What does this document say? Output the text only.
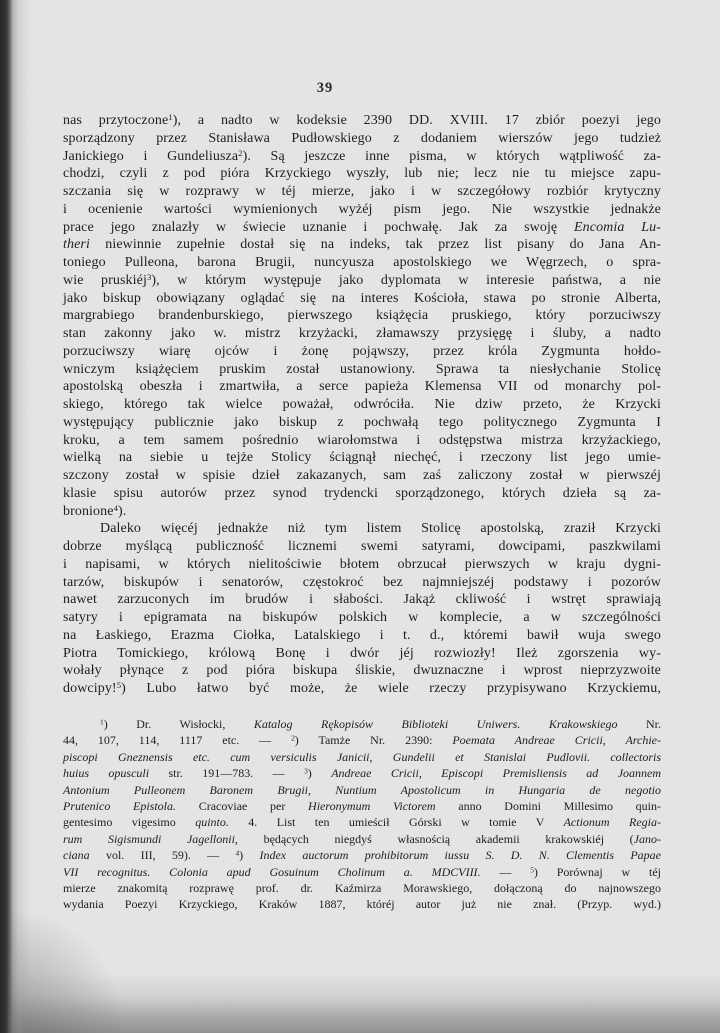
39
nas przytoczone$^1$), a nadto w kodeksie 2390 DD. XVIII. 17 zbiór poezyi jego
sporządzony przez Stanisława Pudłowskiego z dodaniem wierszów jego tudzież
Janickiego i Gundeliusza$^2$). Są jeszcze inne pisma, w których wątpliwość za-
chodzi, czyli z pod pióra Krzyckiego wyszły, lub nie; lecz nie tu miejsce zapu-
szczania się w rozprawy w téj mierze, jako i w szczegółowy rozbiór krytyczny
i ocenienie wartości wymienionych wyżéj pism jego. Nie wszystkie jednakże
prace jego znalazły w świecie uznanie i pochwałę. Jak za swoję Encomia Lu-
theri niewinnie zupełnie dostał się na indeks, tak przez list pisany do Jana An-
toniego Pulleona, barona Brugii, nuncyusza apostolskiego we Węgrzech, o spra-
wie pruskiéj$^3$), w którym występuje jako dyplomata w interesie państwa, a nie
jako biskup obowiązany oglądać się na interes Kościoła, stawa po stronie Alberta,
margrabiego brandenburskiego, pierwszego książęcia pruskiego, który porzuciwszy
stan zakonny jako w. mistrz krzyżacki, złamawszy przysięgę i śluby, a nadto
porzuciwszy wiarę ojców i żonę pojąwszy, przez króla Zygmunta hołdo-
wniczym książęciem pruskim został ustanowiony. Sprawa ta niesłychanie Stolicę
apostolską obeszła i zmartwiła, a serce papieża Klemensa VII od monarchy pol-
skiego, którego tak wielce poważał, odwróciła. Nie dziw przeto, że Krzycki
występujący publicznie jako biskup z pochwałą tego politycznego Zygmunta I
kroku, a tem samem pośrednio wiarołomstwa i odstępstwa mistrza krzyżackiego,
wielką na siebie u tejże Stolicy ściągnął niechęć, i rzeczony list jego umie-
szczony został w spisie dzieł zakazanych, sam zaś zaliczony został w pierwszéj
klasie spisu autorów przez synod trydencki sporządzonego, których dzieła są za-
bronione$^4$).
Daleko więcéj jednakże niż tym listem Stolicę apostolską, zraził Krzycki
dobrze myślącą publiczność licznemi swemi satyrami, dowcipami, paszkwilami
i napisami, w których nielitościwie błotem obrzucał pierwszych w kraju dygni-
tarzów, biskupów i senatorów, częstokroć bez najmniejszéj podstawy i pozorów
nawet zarzuconych im brudów i słabości. Jakąż ckliwość i wstręt sprawiają
satyry i epigramata na biskupów polskich w komplecie, a w szczególności
na Łaskiego, Erazma Ciołka, Latalskiego i t. d., któremi bawił wuja swego
Piotra Tomickiego, królową Bonę i dwór jéj rozwiozły! Ileż zgorszenia wy-
wołały płynące z pod pióra biskupa śliskie, dwuznaczne i wprost nieprzyzwoite
dowcipy!$^5$) Lubo łatwo być może, że wiele rzeczy przypisywano Krzyckiemu,
$^1$) Dr. Wisłocki, Katalog Rękopisów Biblioteki Uniwers. Krakowskiego Nr.
44, 107, 114, 1117 etc. — $^2$) Tamże Nr. 2390: Poemata Andreae Cricii, Archie-
piscopi Gneznensis etc. cum versiculis Janicii, Gundelii et Stanislai Pudlovii. collectoris
huius opusculi str. 191—783. — $^3$) Andreae Cricii, Episcopi Premisliensis ad Joannem
Antonium Pulleonem Baronem Brugii, Nuntium Apostolicum in Hungaria de negotio
Prutenico Epistola. Cracoviae per Hieronymum Victorem anno Domini Millesimo quin-
gentesimo vigesimo quinto. 4. List ten umieścił Górski w tomie V Actionum Regia-
rum Sigismundi Jagellonii, będących niegdyś własnością akademii krakowskiéj (Jano-
ciana vol. III, 59). — $^4$) Index auctorum prohibitorum iussu S. D. N. Clementis Papae
VII recognitus. Colonia apud Gosuinum Cholinum a. MDCVIII. — $^5$) Porównaj w téj
mierze znakomitą rozprawę prof. dr. Kaźmirza Morawskiego, dołączoną do najnowszego
wydania Poezyi Krzyckiego, Kraków 1887, któréj autor już nie znał. (Przyp. wyd.)
